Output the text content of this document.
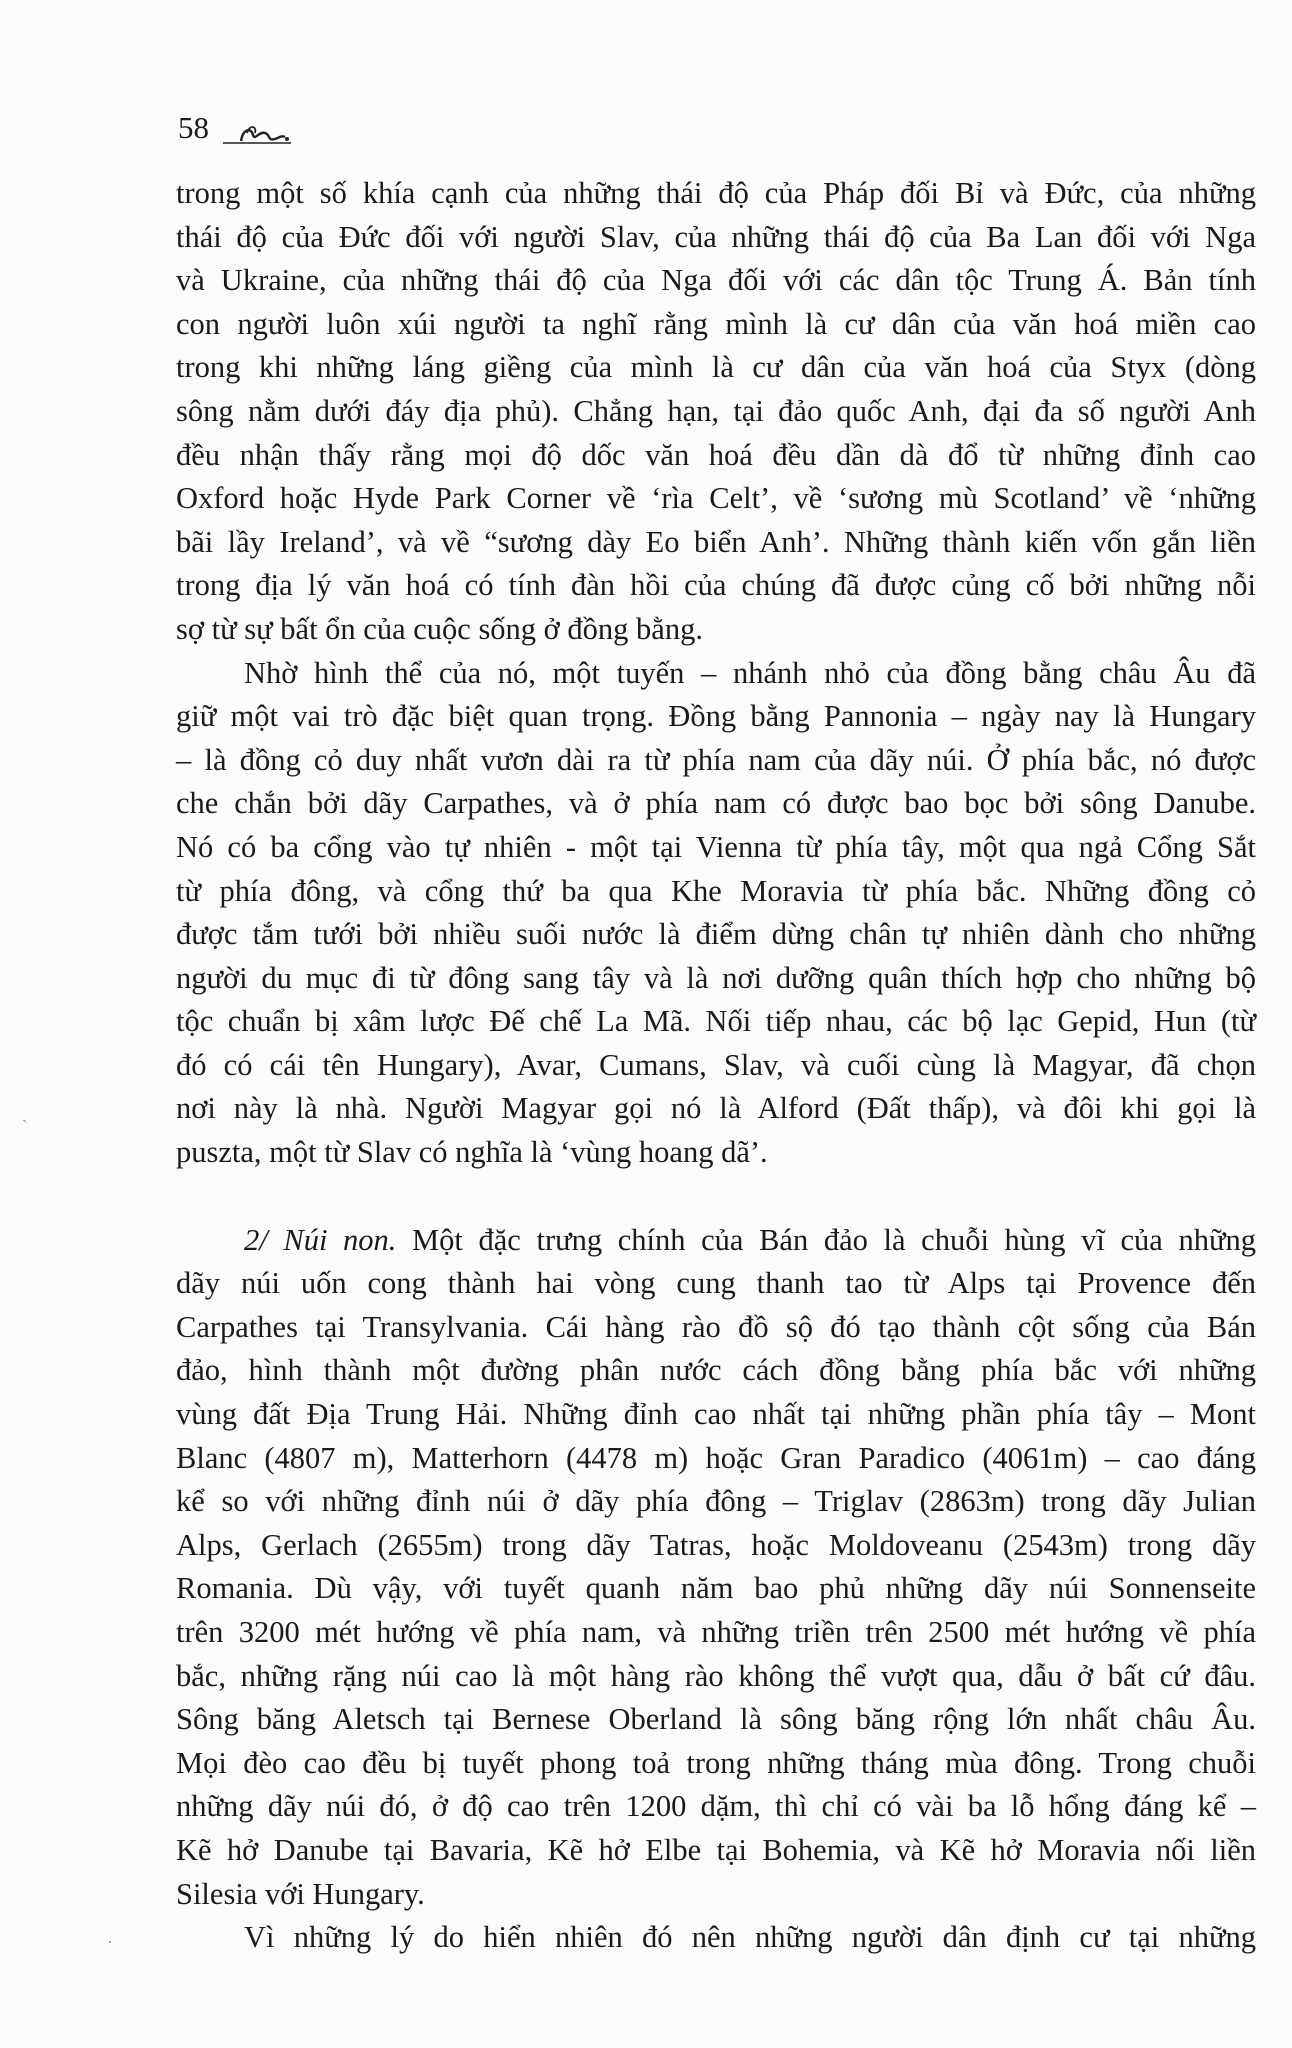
58

trong một số khía cạnh của những thái độ của Pháp đối Bỉ và Đức, của những
thái độ của Đức đối với người Slav, của những thái độ của Ba Lan đối với Nga
và Ukraine, của những thái độ của Nga đối với các dân tộc Trung Á. Bản tính
con người luôn xúi người ta nghĩ rằng mình là cư dân của văn hoá miền cao
trong khi những láng giềng của mình là cư dân của văn hoá của Styx (dòng
sông nằm dưới đáy địa phủ). Chẳng hạn, tại đảo quốc Anh, đại đa số người Anh
đều nhận thấy rằng mọi độ dốc văn hoá đều dần dà đổ từ những đỉnh cao
Oxford hoặc Hyde Park Corner về ‘rìa Celt’, về ‘sương mù Scotland’ về ‘những
bãi lầy Ireland’, và về “sương dày Eo biển Anh’. Những thành kiến vốn gắn liền
trong địa lý văn hoá có tính đàn hồi của chúng đã được củng cố bởi những nỗi
sợ từ sự bất ổn của cuộc sống ở đồng bằng.

Nhờ hình thể của nó, một tuyến – nhánh nhỏ của đồng bằng châu Âu đã
giữ một vai trò đặc biệt quan trọng. Đồng bằng Pannonia – ngày nay là Hungary
– là đồng cỏ duy nhất vươn dài ra từ phía nam của dãy núi. Ở phía bắc, nó được
che chắn bởi dãy Carpathes, và ở phía nam có được bao bọc bởi sông Danube.
Nó có ba cổng vào tự nhiên - một tại Vienna từ phía tây, một qua ngả Cổng Sắt
từ phía đông, và cổng thứ ba qua Khe Moravia từ phía bắc. Những đồng cỏ
được tắm tưới bởi nhiều suối nước là điểm dừng chân tự nhiên dành cho những
người du mục đi từ đông sang tây và là nơi dưỡng quân thích hợp cho những bộ
tộc chuẩn bị xâm lược Đế chế La Mã. Nối tiếp nhau, các bộ lạc Gepid, Hun (từ
đó có cái tên Hungary), Avar, Cumans, Slav, và cuối cùng là Magyar, đã chọn
nơi này là nhà. Người Magyar gọi nó là Alford (Đất thấp), và đôi khi gọi là
puszta, một từ Slav có nghĩa là ‘vùng hoang dã’.

2/ Núi non. Một đặc trưng chính của Bán đảo là chuỗi hùng vĩ của những
dãy núi uốn cong thành hai vòng cung thanh tao từ Alps tại Provence đến
Carpathes tại Transylvania. Cái hàng rào đồ sộ đó tạo thành cột sống của Bán
đảo, hình thành một đường phân nước cách đồng bằng phía bắc với những
vùng đất Địa Trung Hải. Những đỉnh cao nhất tại những phần phía tây – Mont
Blanc (4807 m), Matterhorn (4478 m) hoặc Gran Paradico (4061m) – cao đáng
kể so với những đỉnh núi ở dãy phía đông – Triglav (2863m) trong dãy Julian
Alps, Gerlach (2655m) trong dãy Tatras, hoặc Moldoveanu (2543m) trong dãy
Romania. Dù vậy, với tuyết quanh năm bao phủ những dãy núi Sonnenseite
trên 3200 mét hướng về phía nam, và những triền trên 2500 mét hướng về phía
bắc, những rặng núi cao là một hàng rào không thể vượt qua, dẫu ở bất cứ đâu.
Sông băng Aletsch tại Bernese Oberland là sông băng rộng lớn nhất châu Âu.
Mọi đèo cao đều bị tuyết phong toả trong những tháng mùa đông. Trong chuỗi
những dãy núi đó, ở độ cao trên 1200 dặm, thì chỉ có vài ba lỗ hổng đáng kể –
Kẽ hở Danube tại Bavaria, Kẽ hở Elbe tại Bohemia, và Kẽ hở Moravia nối liền
Silesia với Hungary.

Vì những lý do hiển nhiên đó nên những người dân định cư tại những

`
.
